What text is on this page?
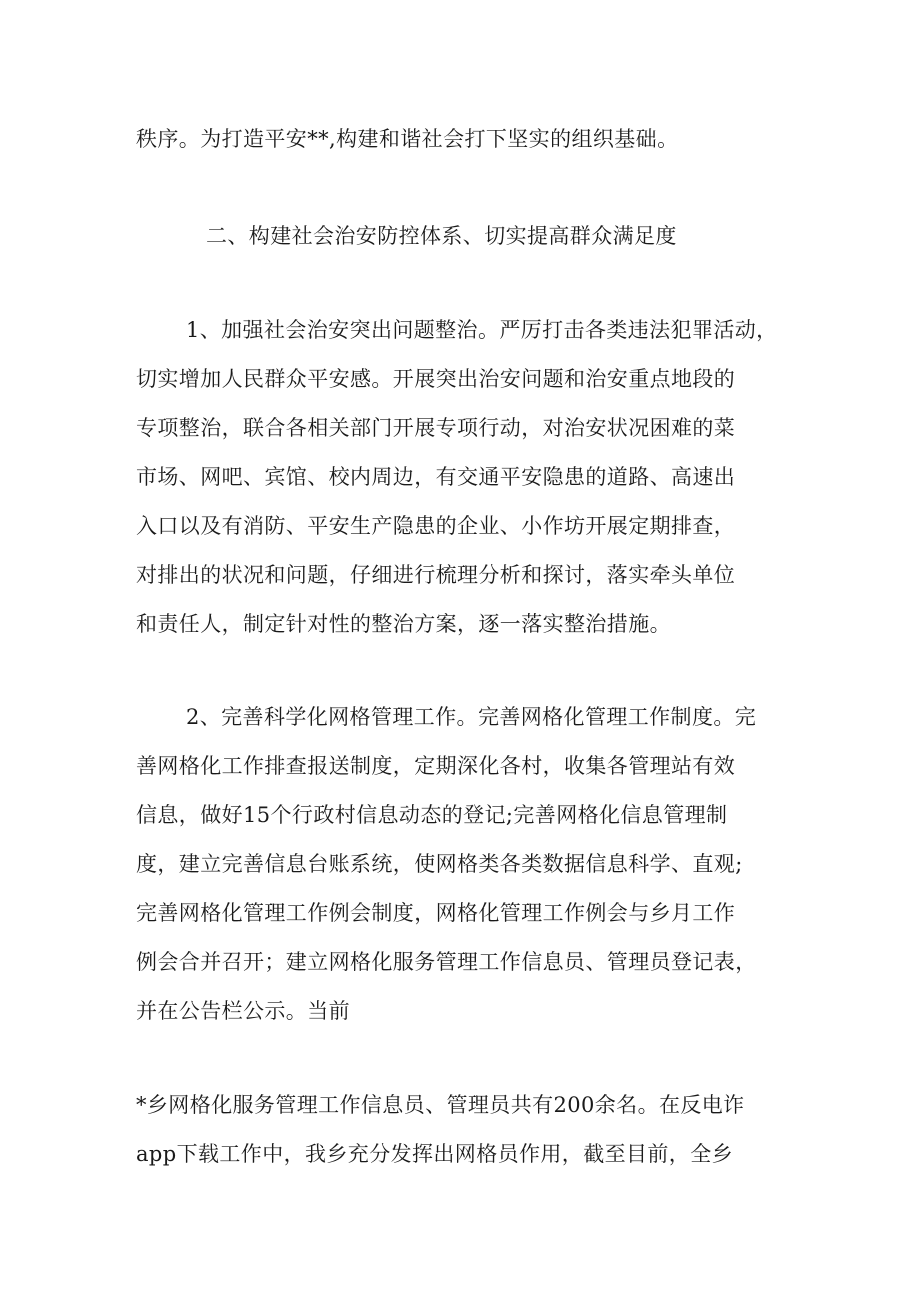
秩序。为打造平安**,构建和谐社会打下坚实的组织基础。
二、构建社会治安防控体系、切实提高群众满足度
1、加强社会治安突出问题整治。严厉打击各类违法犯罪活动，
切实增加人民群众平安感。开展突出治安问题和治安重点地段的
专项整治，联合各相关部门开展专项行动，对治安状况困难的菜
市场、网吧、宾馆、校内周边，有交通平安隐患的道路、高速出
入口以及有消防、平安生产隐患的企业、小作坊开展定期排查，
对排出的状况和问题，仔细进行梳理分析和探讨，落实牵头单位
和责任人，制定针对性的整治方案，逐一落实整治措施。
2、完善科学化网格管理工作。完善网格化管理工作制度。完
善网格化工作排查报送制度，定期深化各村，收集各管理站有效
信息，做好15个行政村信息动态的登记;完善网格化信息管理制
度，建立完善信息台账系统，使网格类各类数据信息科学、直观;
完善网格化管理工作例会制度，网格化管理工作例会与乡月工作
例会合并召开；建立网格化服务管理工作信息员、管理员登记表，
并在公告栏公示。当前
*乡网格化服务管理工作信息员、管理员共有200余名。在反电诈
app下载工作中，我乡充分发挥出网格员作用，截至目前，全乡
